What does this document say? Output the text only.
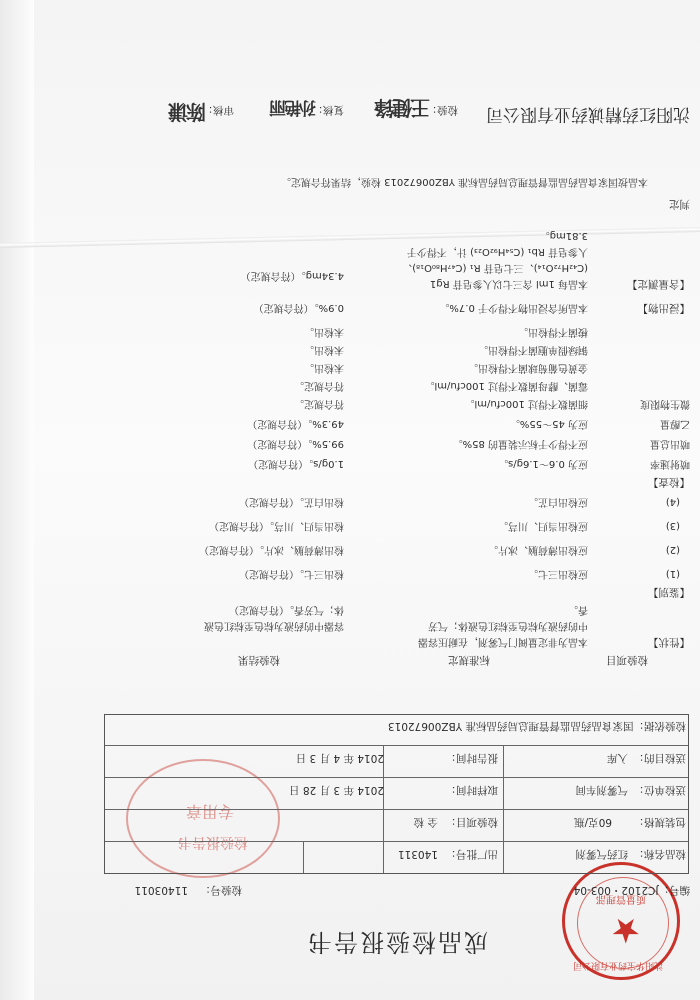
★
沈阳华宝药业有限公司
质量管理部
成品检验报告书
编号：JC2102・003-04
检验号：
11403011
检验报告书
专用章
检品名称：
红药气雾剂
出厂批号：
140311
包装规格：
60克/瓶
检验项目：
全 检
送检单位：
气雾剂车间
取样时间：
2014 年 3 月 28 日
送检目的：
入库
报告时间：
2014 年 4 月 3 日
检验依据：国家食品药品监督管理总局药品标准 YBZ00672013
检验项目
标准规定
检验结果
【性状】
本品为非定量阀门气雾剂，在耐压容器
中的药液为棕色至棕红色液体；气芳
香。
容器中的药液为棕色至棕红色液
体；气芳香。（符合规定）
【鉴别】
(1)
应检出三七。
检出三七。（符合规定）
(2)
应检出薄荷脑、冰片。
检出薄荷脑、冰片。（符合规定）
(3)
应检出当归、川芎。
检出当归、川芎。（符合规定）
(4)
应检出白芷。
检出白芷。（符合规定）
【检查】
喷射速率
应为 0.6～1.6g/s。
1.0g/s。（符合规定）
喷出总量
应不得少于标示装量的 85%。
99.5%。（符合规定）
乙醇量
应为 45～55%。
49.3%。（符合规定）
微生物限度
细菌数不得过 100cfu/ml。
符合规定。
霉菌、酵母菌数不得过 100cfu/ml。
符合规定。
金黄色葡萄球菌不得检出。
未检出。
铜绿假单胞菌不得检出。
未检出。
梭菌不得检出。
未检出。
【浸出物】
本品所含浸出物不得少于 0.7%。
0.9%。（符合规定）
【含量测定】
本品每 1ml 含三七以人参皂苷 Rg1
(C₄₂H₇₂O₁₄)、三七皂苷 R₁ (C₄₇H₈₀O₁₈)、
人参皂苷 Rb₁ (C₅₄H₉₂O₂₃) 计，不得少于
3.81mg。
4.34mg。（符合规定）
判定
本品按国家食品药品监督管理总局药品标准 YBZ00672013 检验，结果符合规定。
沈阳红药精诚药业有限公司
检验：
王健锋
复核：
孙艳丽
审核：
陈谦
